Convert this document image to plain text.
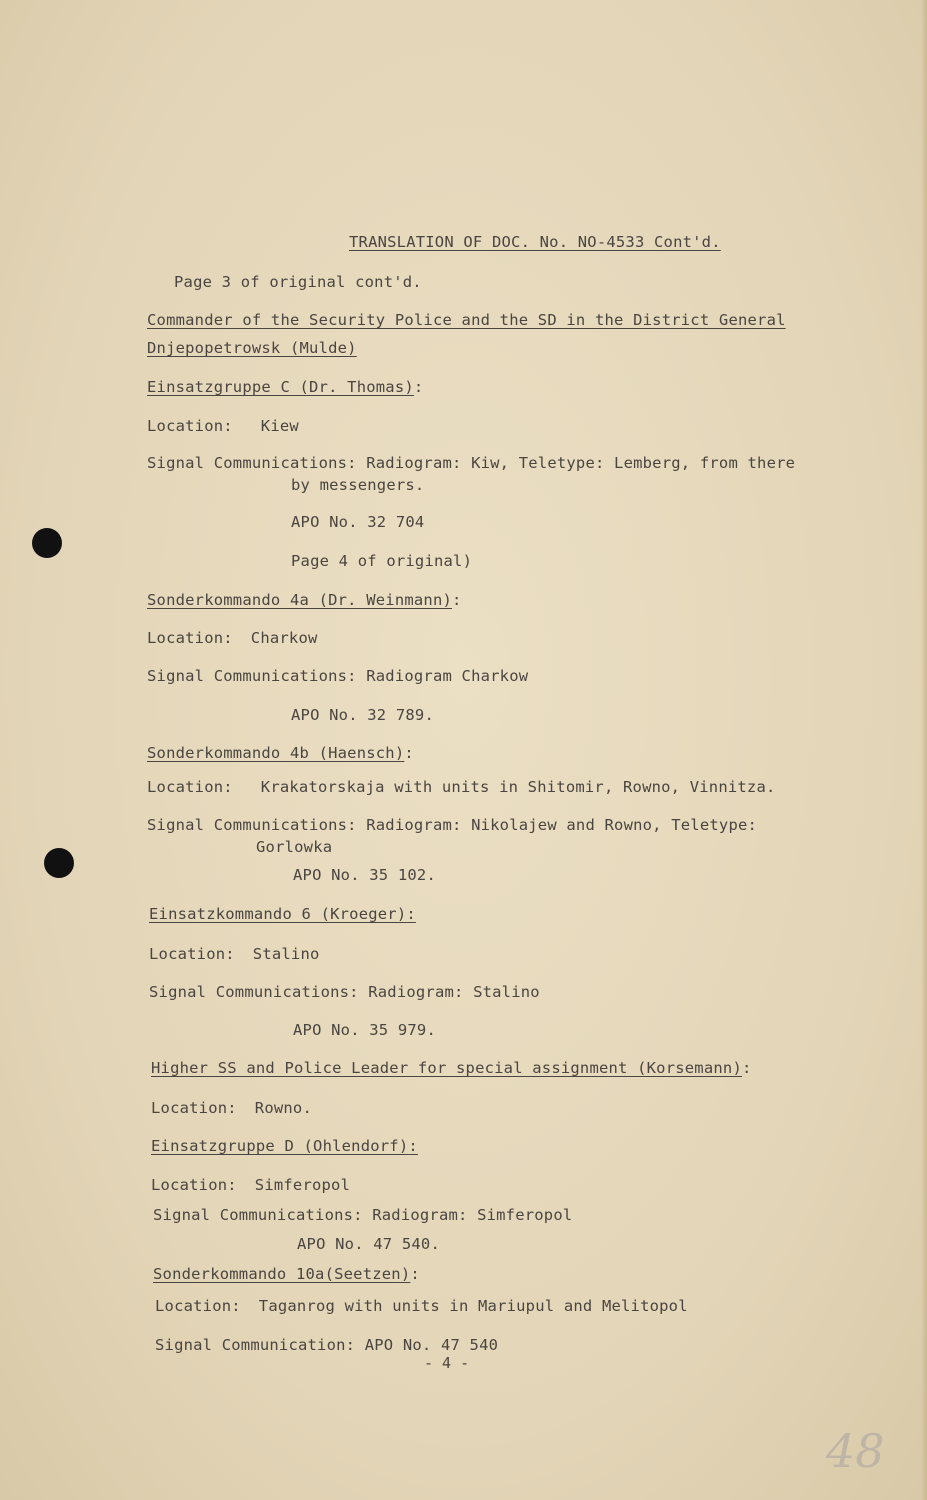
TRANSLATION OF DOC. No. NO-4533 Cont'd.
Page 3 of original cont'd.
Commander of the Security Police and the SD in the District General
Dnjepopetrowsk (Mulde)
Einsatzgruppe C (Dr. Thomas):
Location: Kiew
Signal Communications: Radiogram: Kiw, Teletype: Lemberg, from there
by messengers.
APO No. 32 704
Page 4 of original)
Sonderkommando 4a (Dr. Weinmann):
Location: Charkow
Signal Communications: Radiogram Charkow
APO No. 32 789.
Sonderkommando 4b (Haensch):
Location: Krakatorskaja with units in Shitomir, Rowno, Vinnitza.
Signal Communications: Radiogram: Nikolajew and Rowno, Teletype:
Gorlowka
APO No. 35 102.
Einsatzkommando 6 (Kroeger):
Location: Stalino
Signal Communications: Radiogram: Stalino
APO No. 35 979.
Higher SS and Police Leader for special assignment (Korsemann):
Location: Rowno.
Einsatzgruppe D (Ohlendorf):
Location: Simferopol
Signal Communications: Radiogram: Simferopol
APO No. 47 540.
Sonderkommando 10a(Seetzen):
Location: Taganrog with units in Mariupul and Melitopol
Signal Communication: APO No. 47 540
- 4 -
48
